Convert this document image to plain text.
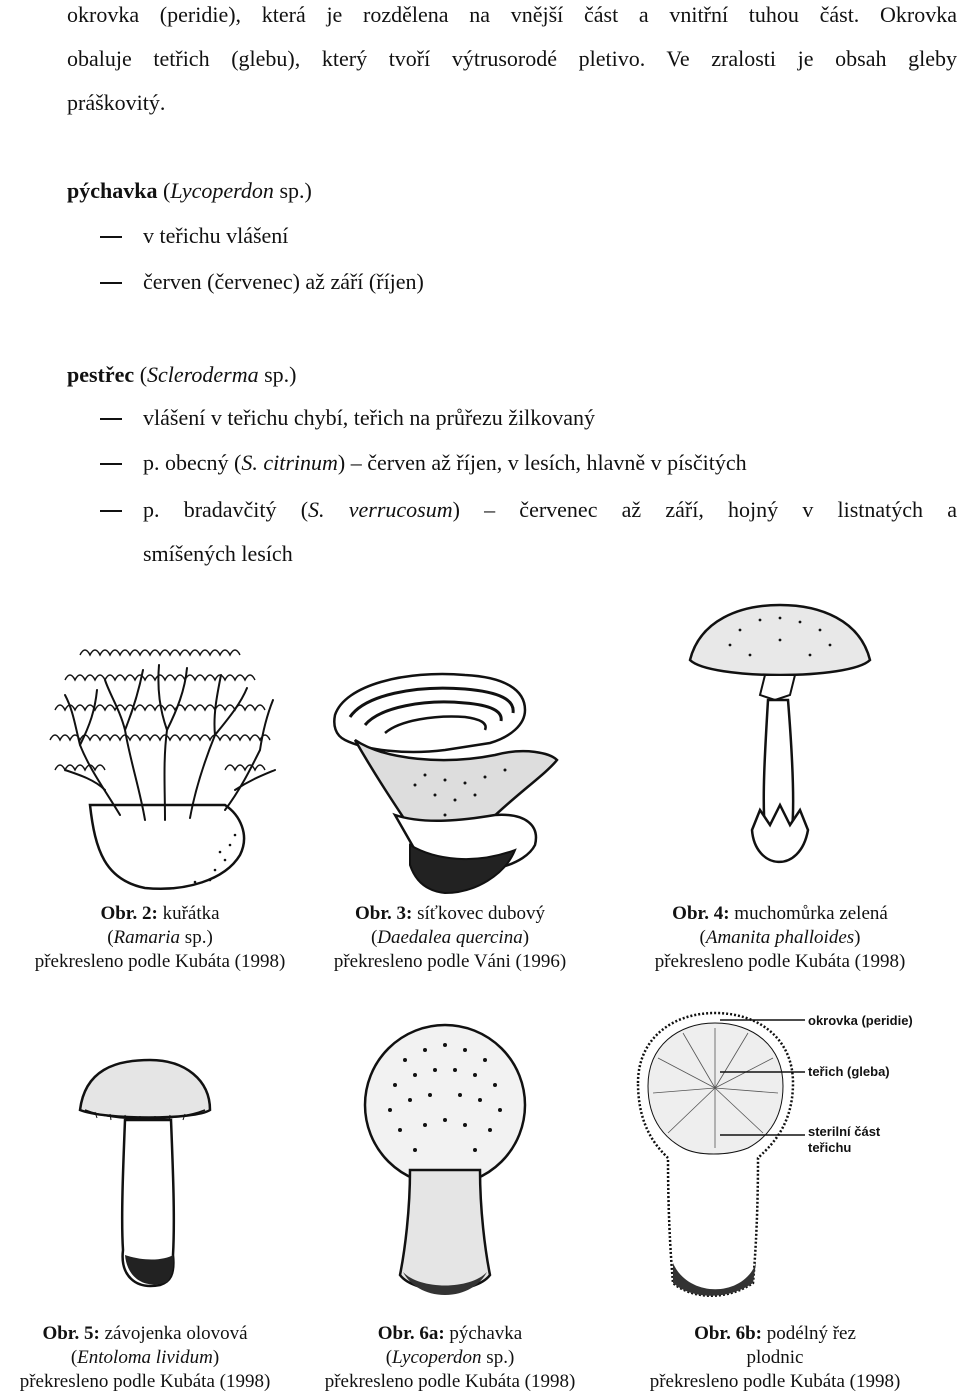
okrovka (peridie), která je rozdělena na vnější část a vnitřní tuhou část. Okrovka
obaluje tetřich (glebu), který tvoří výtrusorodé pletivo. Ve zralosti je obsah gleby
práškovitý.
pýchavka (Lycoperdon sp.)
v teřichu vlášení
červen (červenec) až září (říjen)
pestřec (Scleroderma sp.)
vlášení v teřichu chybí, teřich na průřezu žilkovaný
p. obecný (S. citrinum) – červen až říjen, v lesích, hlavně v písčitých
p. bradavčitý (S. verrucosum) – červenec až září, hojný v listnatých a
smíšených lesích
Obr. 2: kuřátka
(Ramaria sp.)
překresleno podle Kubáta (1998)
Obr. 3: síťkovec dubový
(Daedalea quercina)
překresleno podle Váni (1996)
Obr. 4: muchomůrka zelená
(Amanita phalloides)
překresleno podle Kubáta (1998)
okrovka (peridie)
teřich (gleba)
sterilní část
teřichu
Obr. 5: závojenka olovová
(Entoloma lividum)
překresleno podle Kubáta (1998)
Obr. 6a: pýchavka
(Lycoperdon sp.)
překresleno podle Kubáta (1998)
Obr. 6b: podélný řez
plodnic
překresleno podle Kubáta (1998)
